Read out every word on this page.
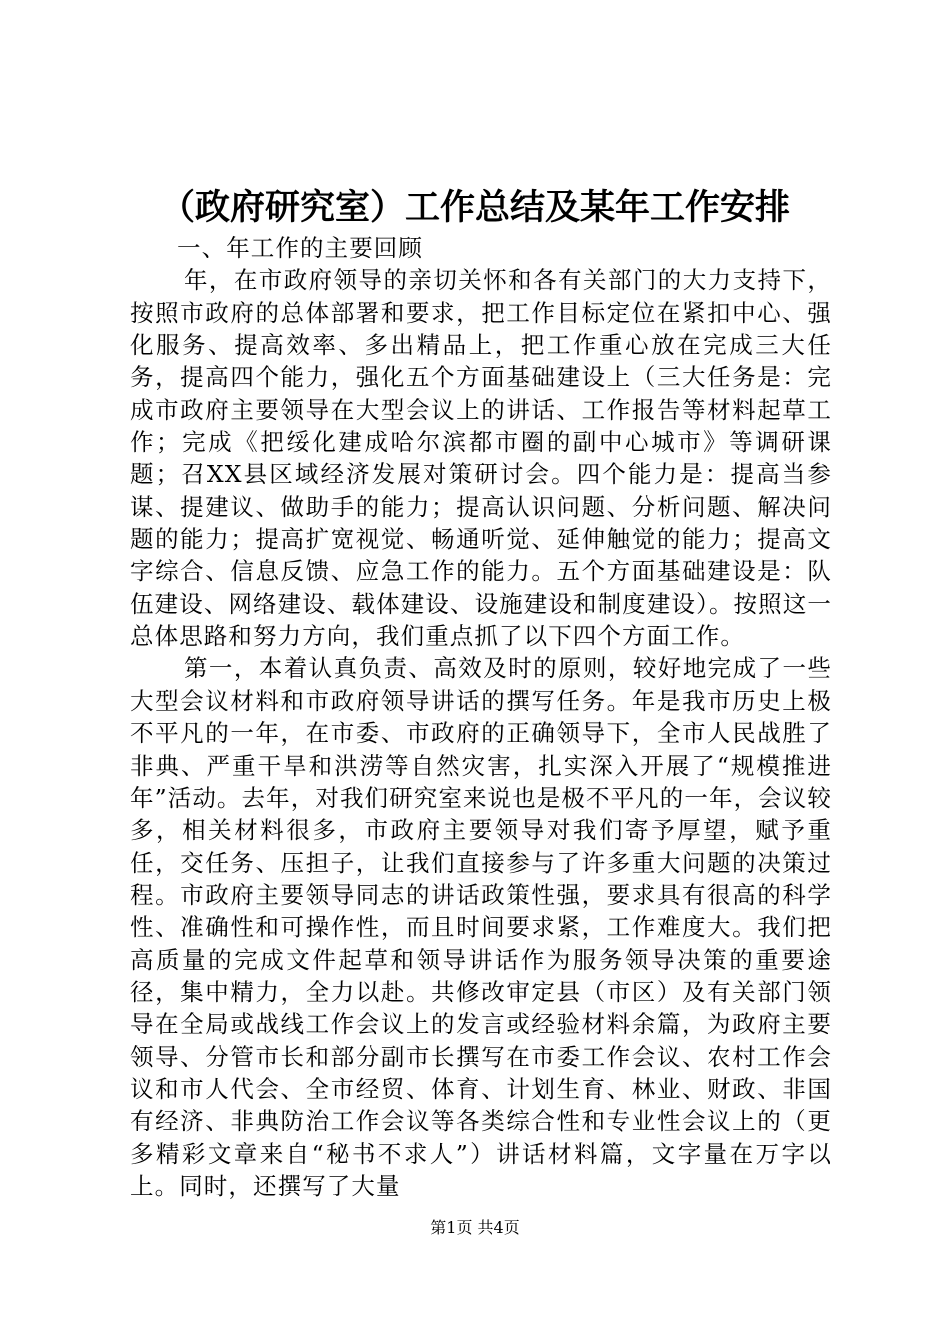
（政府研究室）工作总结及某年工作安排

一、年工作的主要回顾

年，在市政府领导的亲切关怀和各有关部门的大力支持下，按照市政府的总体部署和要求，把工作目标定位在紧扣中心、强化服务、提高效率、多出精品上，把工作重心放在完成三大任务，提高四个能力，强化五个方面基础建设上（三大任务是：完成市政府主要领导在大型会议上的讲话、工作报告等材料起草工作；完成《把绥化建成哈尔滨都市圈的副中心城市》等调研课题；召XX县区域经济发展对策研讨会。四个能力是：提高当参谋、提建议、做助手的能力；提高认识问题、分析问题、解决问题的能力；提高扩宽视觉、畅通听觉、延伸触觉的能力；提高文字综合、信息反馈、应急工作的能力。五个方面基础建设是：队伍建设、网络建设、载体建设、设施建设和制度建设）。按照这一总体思路和努力方向，我们重点抓了以下四个方面工作。

第一，本着认真负责、高效及时的原则，较好地完成了一些大型会议材料和市政府领导讲话的撰写任务。年是我市历史上极不平凡的一年，在市委、市政府的正确领导下，全市人民战胜了非典、严重干旱和洪涝等自然灾害，扎实深入开展了“规模推进年”活动。去年，对我们研究室来说也是极不平凡的一年，会议较多，相关材料很多，市政府主要领导对我们寄予厚望，赋予重任，交任务、压担子，让我们直接参与了许多重大问题的决策过程。市政府主要领导同志的讲话政策性强，要求具有很高的科学性、准确性和可操作性，而且时间要求紧，工作难度大。我们把高质量的完成文件起草和领导讲话作为服务领导决策的重要途径，集中精力，全力以赴。共修改审定县（市区）及有关部门领导在全局或战线工作会议上的发言或经验材料余篇，为政府主要领导、分管市长和部分副市长撰写在市委工作会议、农村工作会议和市人代会、全市经贸、体育、计划生育、林业、财政、非国有经济、非典防治工作会议等各类综合性和专业性会议上的（更多精彩文章来自“秘书不求人”）讲话材料篇，文字量在万字以上。同时，还撰写了大量

第1页 共4页
